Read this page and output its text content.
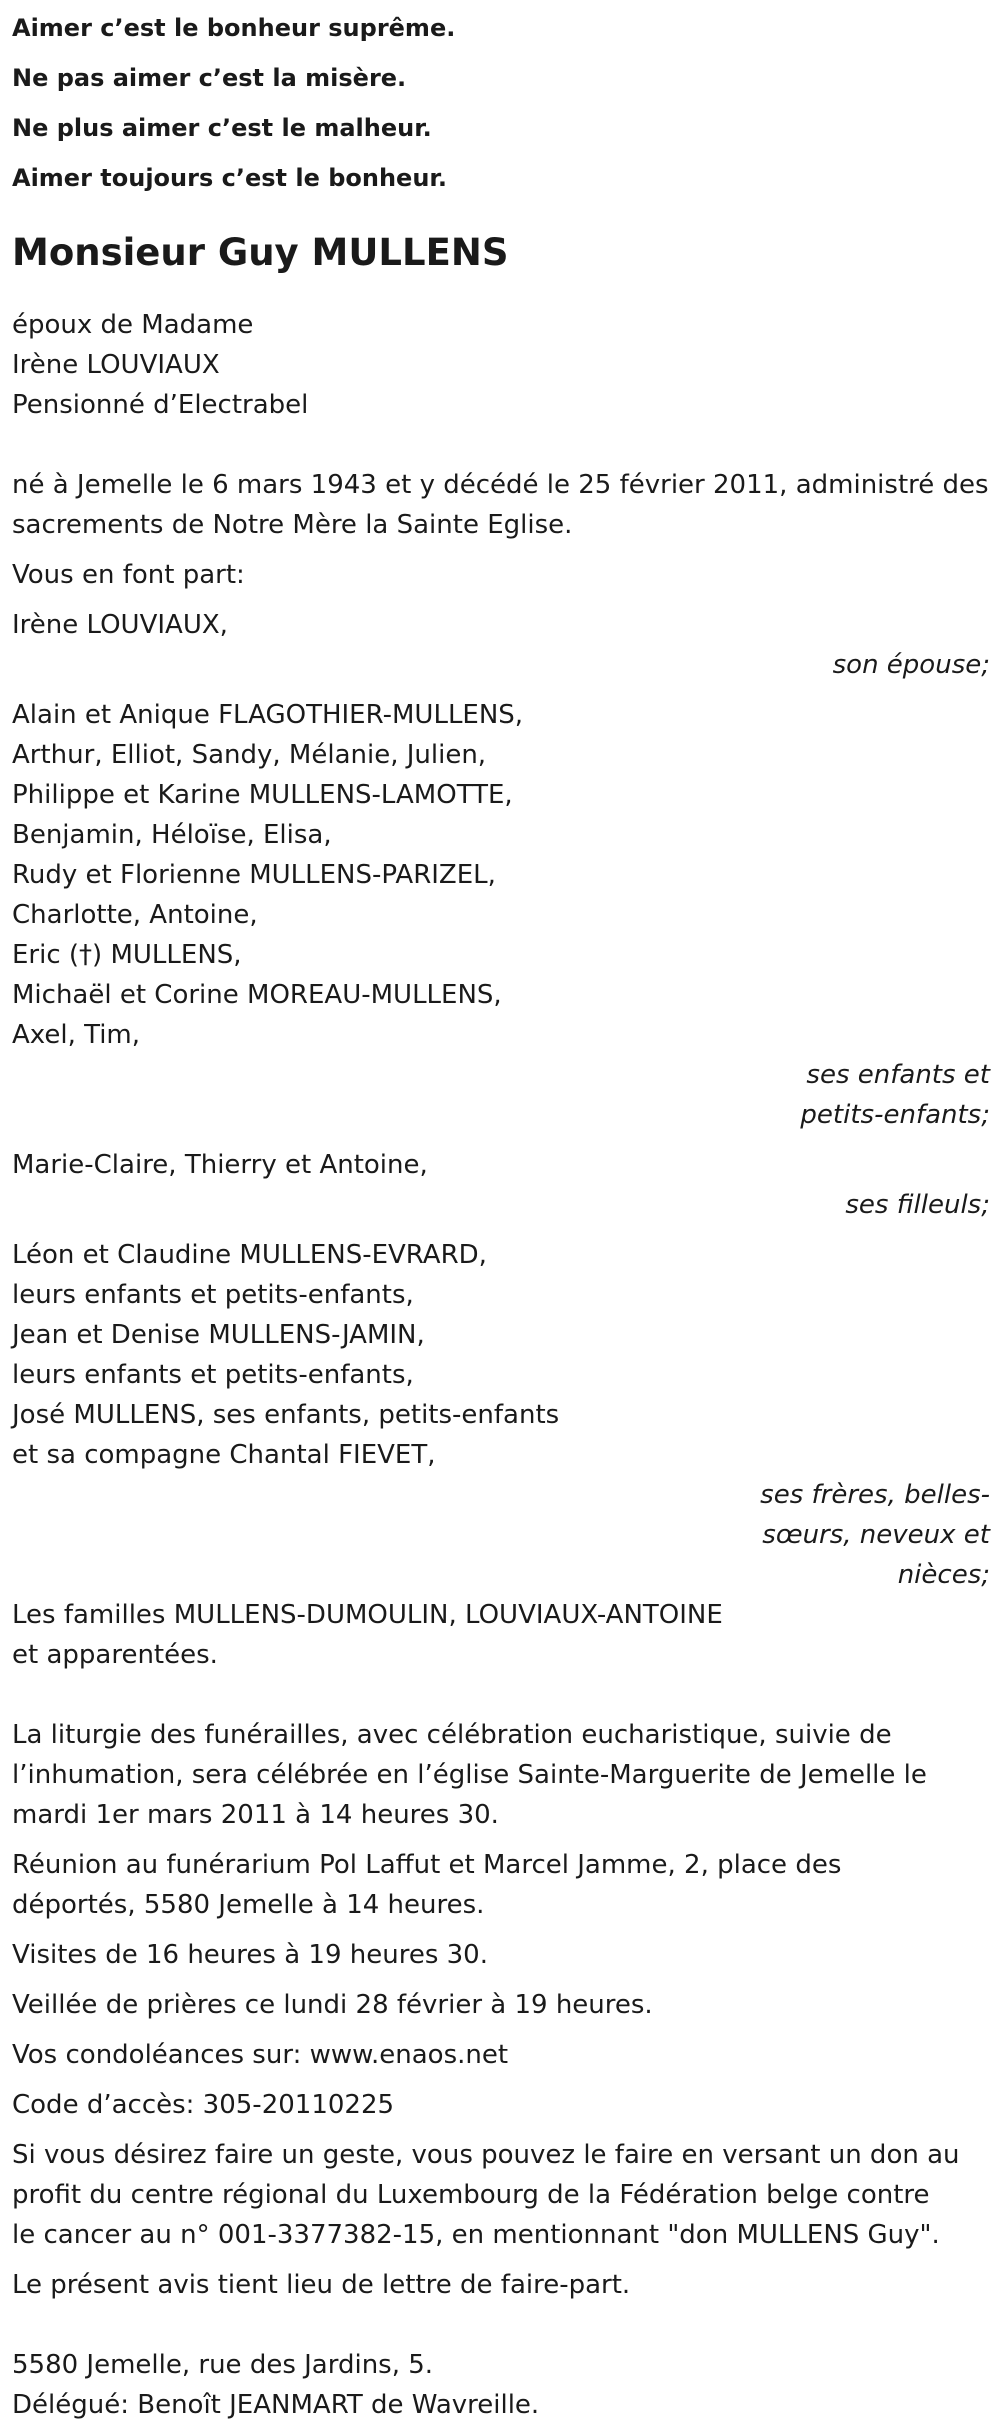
Aimer c’est le bonheur suprême.

Ne pas aimer c’est la misère.

Ne plus aimer c’est le malheur.

Aimer toujours c’est le bonheur.

Monsieur Guy MULLENS

époux de Madame

Irène LOUVIAUX

Pensionné d’Electrabel

né à Jemelle le 6 mars 1943 et y décédé le 25 février 2011, administré des

sacrements de Notre Mère la Sainte Eglise.

Vous en font part:

Irène LOUVIAUX,

son épouse;

Alain et Anique FLAGOTHIER-MULLENS,

Arthur, Elliot, Sandy, Mélanie, Julien,

Philippe et Karine MULLENS-LAMOTTE,

Benjamin, Héloïse, Elisa,

Rudy et Florienne MULLENS-PARIZEL,

Charlotte, Antoine,

Eric (†) MULLENS,

Michaël et Corine MOREAU-MULLENS,

Axel, Tim,

ses enfants et

petits-enfants;

Marie-Claire, Thierry et Antoine,

ses filleuls;

Léon et Claudine MULLENS-EVRARD,

leurs enfants et petits-enfants,

Jean et Denise MULLENS-JAMIN,

leurs enfants et petits-enfants,

José MULLENS, ses enfants, petits-enfants

et sa compagne Chantal FIEVET,

ses frères, belles-

sœurs, neveux et

nièces;

Les familles MULLENS-DUMOULIN, LOUVIAUX-ANTOINE

et apparentées.

La liturgie des funérailles, avec célébration eucharistique, suivie de

l’inhumation, sera célébrée en l’église Sainte-Marguerite de Jemelle le

mardi 1er mars 2011 à 14 heures 30.

Réunion au funérarium Pol Laffut et Marcel Jamme, 2, place des

déportés, 5580 Jemelle à 14 heures.

Visites de 16 heures à 19 heures 30.

Veillée de prières ce lundi 28 février à 19 heures.

Vos condoléances sur: www.enaos.net

Code d’accès: 305-20110225

Si vous désirez faire un geste, vous pouvez le faire en versant un don au

profit du centre régional du Luxembourg de la Fédération belge contre

le cancer au n° 001-3377382-15, en mentionnant "don MULLENS Guy".

Le présent avis tient lieu de lettre de faire-part.

5580 Jemelle, rue des Jardins, 5.

Délégué: Benoît JEANMART de Wavreille.
